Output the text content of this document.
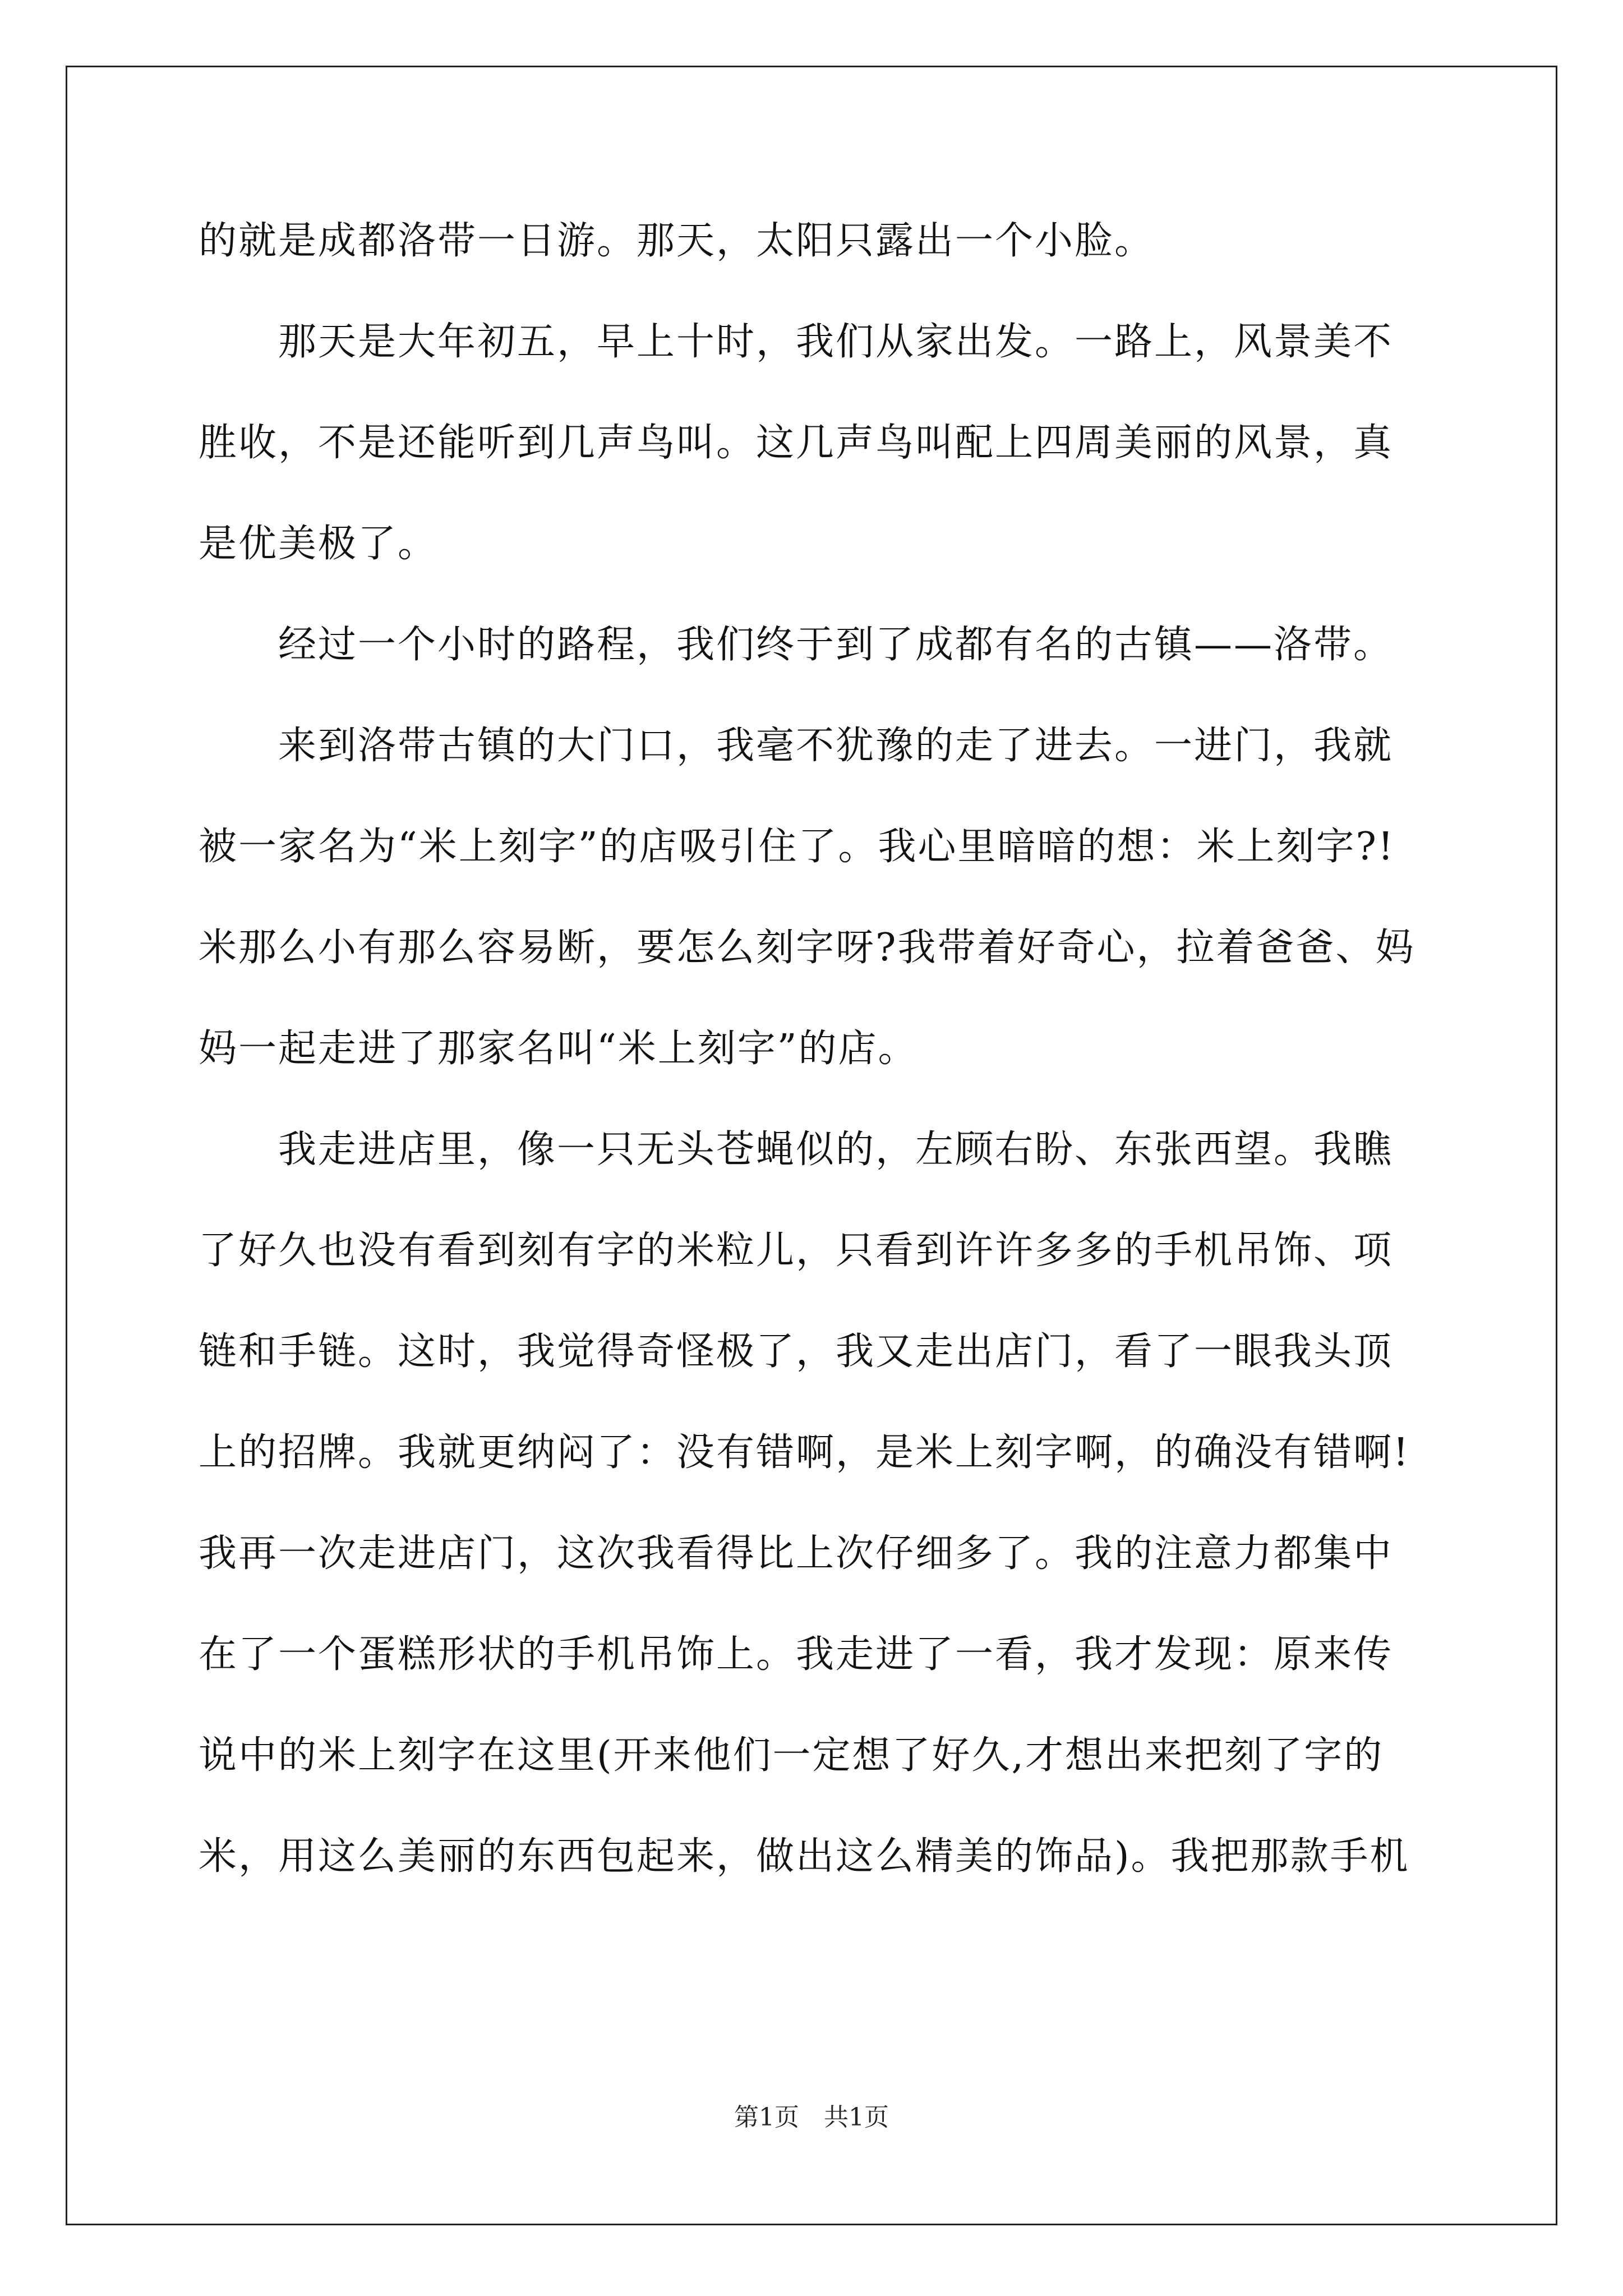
的就是成都洛带一日游。那天，太阳只露出一个小脸。
　　那天是大年初五，早上十时，我们从家出发。一路上，风景美不
胜收，不是还能听到几声鸟叫。这几声鸟叫配上四周美丽的风景，真
是优美极了。
　　经过一个小时的路程，我们终于到了成都有名的古镇——洛带。
　　来到洛带古镇的大门口，我毫不犹豫的走了进去。一进门，我就
被一家名为“米上刻字”的店吸引住了。我心里暗暗的想：米上刻字?!
米那么小有那么容易断，要怎么刻字呀?我带着好奇心，拉着爸爸、妈
妈一起走进了那家名叫“米上刻字”的店。
　　我走进店里，像一只无头苍蝇似的，左顾右盼、东张西望。我瞧
了好久也没有看到刻有字的米粒儿，只看到许许多多的手机吊饰、项
链和手链。这时，我觉得奇怪极了，我又走出店门，看了一眼我头顶
上的招牌。我就更纳闷了：没有错啊，是米上刻字啊，的确没有错啊!
我再一次走进店门，这次我看得比上次仔细多了。我的注意力都集中
在了一个蛋糕形状的手机吊饰上。我走进了一看，我才发现：原来传
说中的米上刻字在这里(开来他们一定想了好久,才想出来把刻了字的
米，用这么美丽的东西包起来，做出这么精美的饰品)。我把那款手机
第1页　共1页
